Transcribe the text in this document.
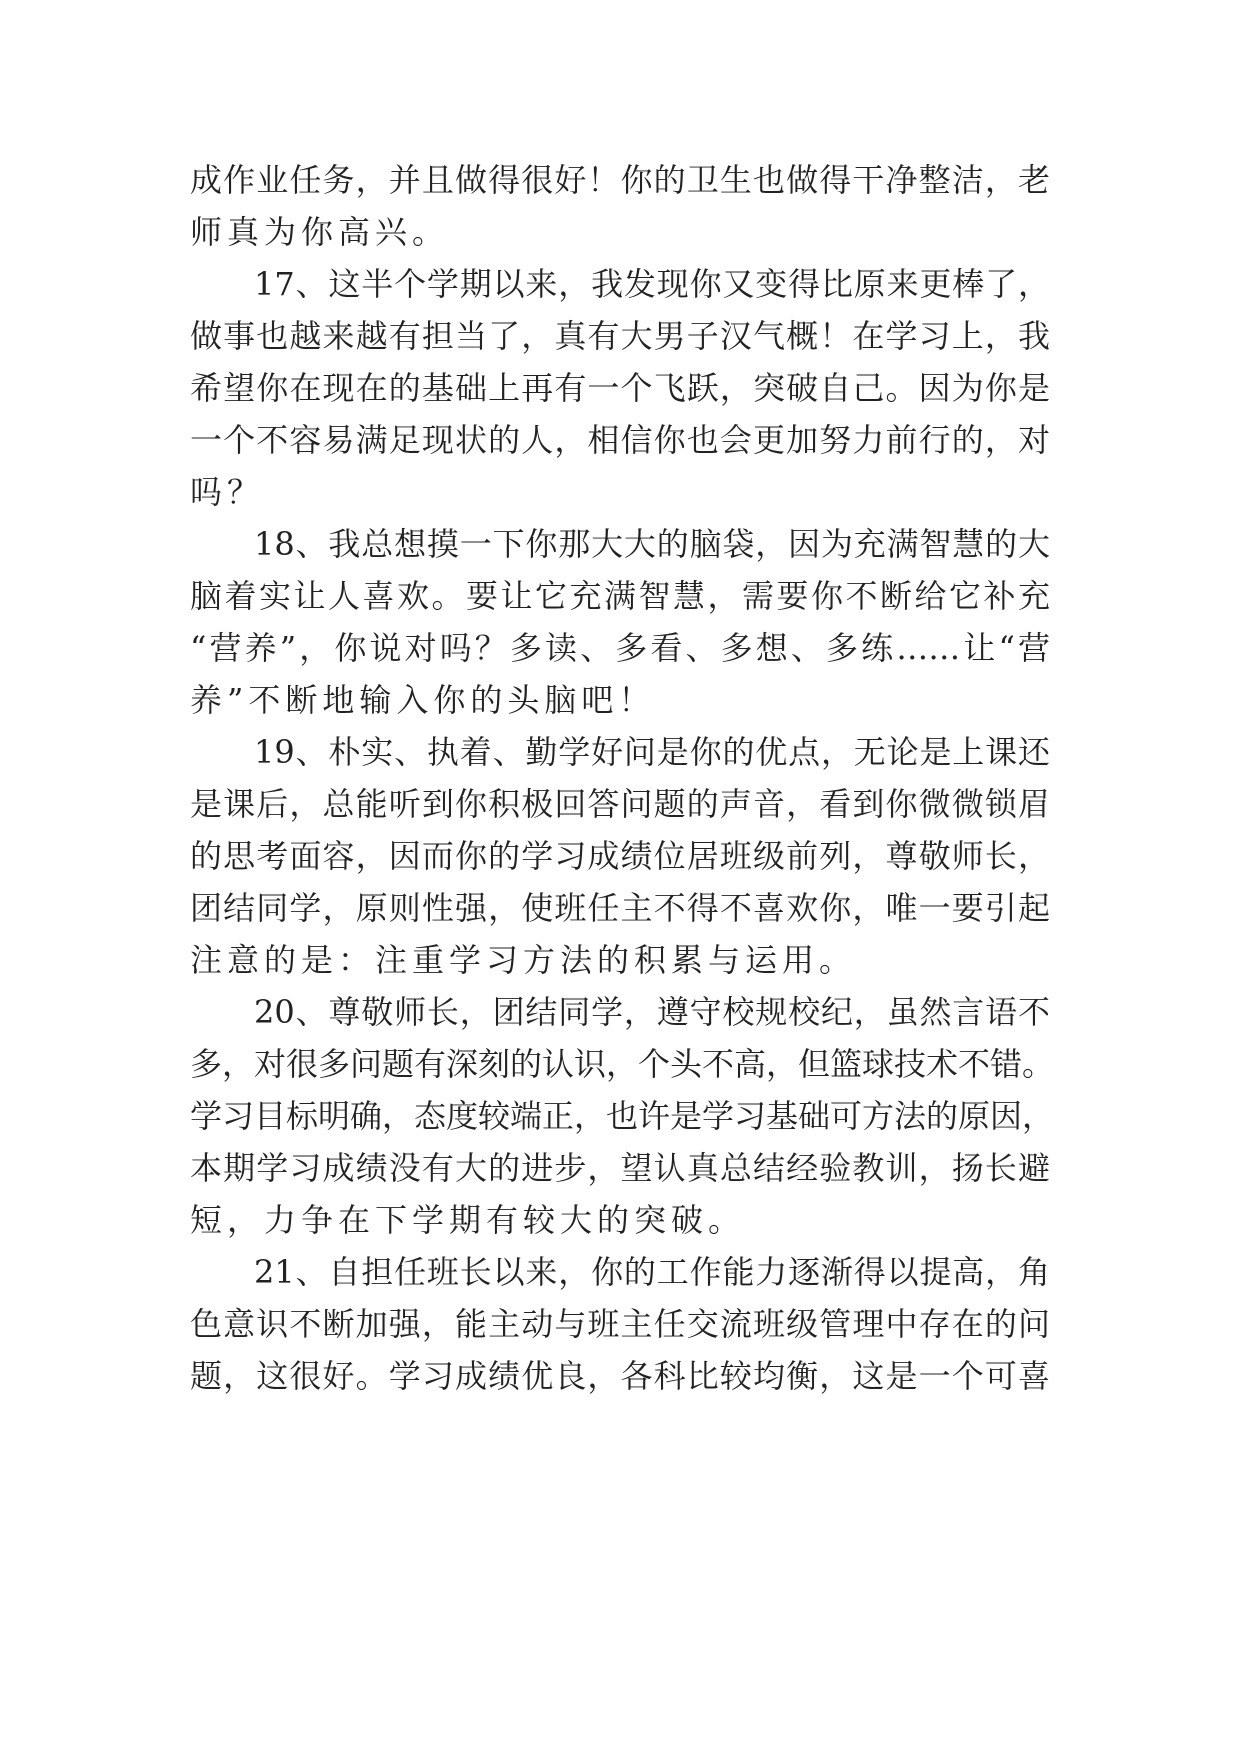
成作业任务，并且做得很好！你的卫生也做得干净整洁，老
师真为你高兴。
17、这半个学期以来，我发现你又变得比原来更棒了，
做事也越来越有担当了，真有大男子汉气概！在学习上，我
希望你在现在的基础上再有一个飞跃，突破自己。因为你是
一个不容易满足现状的人，相信你也会更加努力前行的，对
吗？
18、我总想摸一下你那大大的脑袋，因为充满智慧的大
脑着实让人喜欢。要让它充满智慧，需要你不断给它补充
“营养”，你说对吗？多读、多看、多想、多练……让“营
养”不断地输入你的头脑吧！
19、朴实、执着、勤学好问是你的优点，无论是上课还
是课后，总能听到你积极回答问题的声音，看到你微微锁眉
的思考面容，因而你的学习成绩位居班级前列，尊敬师长，
团结同学，原则性强，使班任主不得不喜欢你，唯一要引起
注意的是：注重学习方法的积累与运用。
20、尊敬师长，团结同学，遵守校规校纪，虽然言语不
多，对很多问题有深刻的认识，个头不高，但篮球技术不错。
学习目标明确，态度较端正，也许是学习基础可方法的原因，
本期学习成绩没有大的进步，望认真总结经验教训，扬长避
短，力争在下学期有较大的突破。
21、自担任班长以来，你的工作能力逐渐得以提高，角
色意识不断加强，能主动与班主任交流班级管理中存在的问
题，这很好。学习成绩优良，各科比较均衡，这是一个可喜
